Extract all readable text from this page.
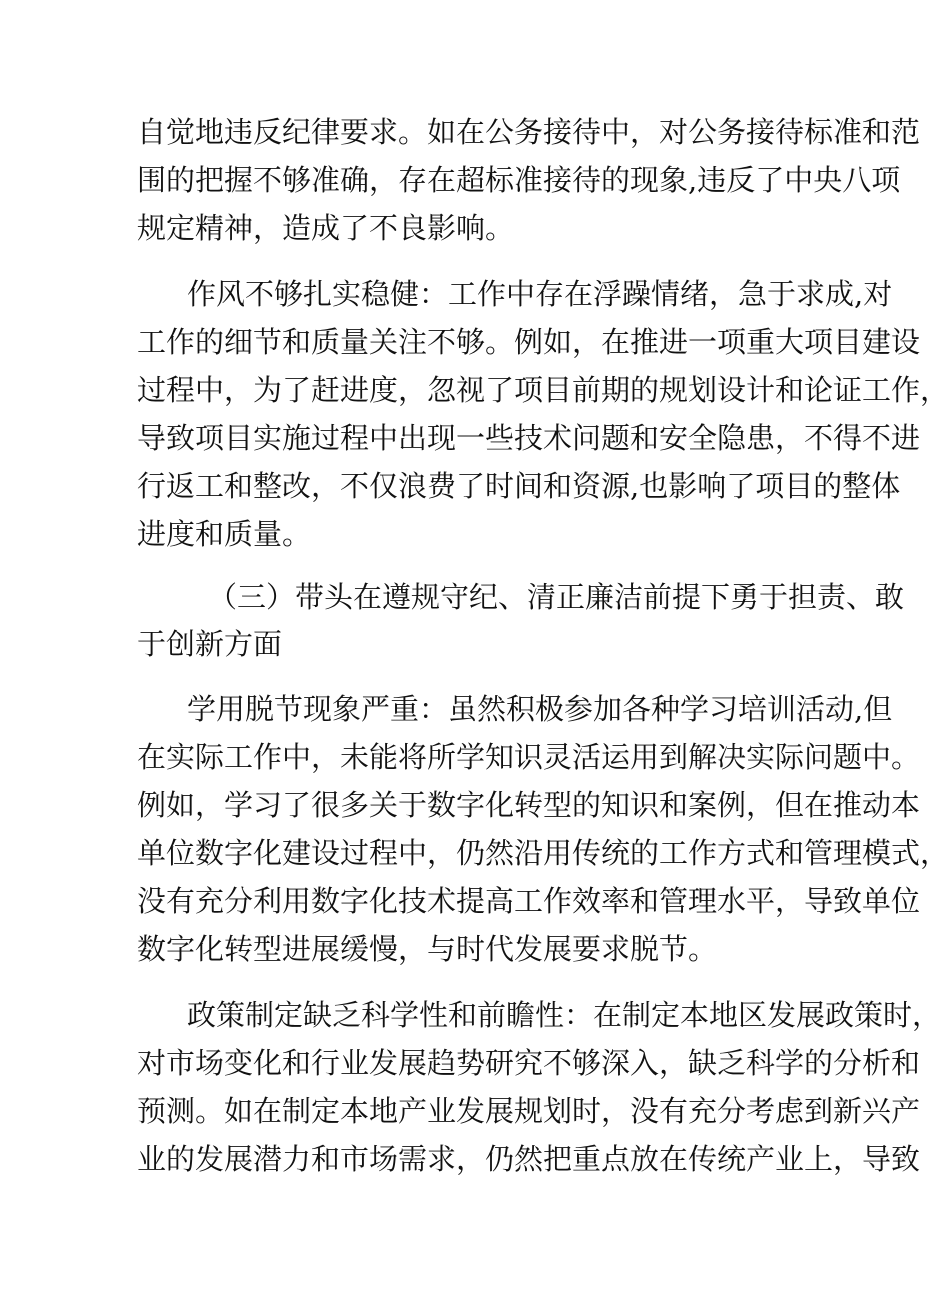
自觉地违反纪律要求。如在公务接待中，对公务接待标准和范
围的把握不够准确，存在超标准接待的现象,违反了中央八项
规定精神，造成了不良影响。
作风不够扎实稳健：工作中存在浮躁情绪，急于求成,对
工作的细节和质量关注不够。例如，在推进一项重大项目建设
过程中，为了赶进度，忽视了项目前期的规划设计和论证工作，
导致项目实施过程中出现一些技术问题和安全隐患，不得不进
行返工和整改，不仅浪费了时间和资源,也影响了项目的整体
进度和质量。
（三）带头在遵规守纪、清正廉洁前提下勇于担责、敢
于创新方面
学用脱节现象严重：虽然积极参加各种学习培训活动,但
在实际工作中，未能将所学知识灵活运用到解决实际问题中。
例如，学习了很多关于数字化转型的知识和案例，但在推动本
单位数字化建设过程中，仍然沿用传统的工作方式和管理模式，
没有充分利用数字化技术提高工作效率和管理水平，导致单位
数字化转型进展缓慢，与时代发展要求脱节。
政策制定缺乏科学性和前瞻性：在制定本地区发展政策时，
对市场变化和行业发展趋势研究不够深入，缺乏科学的分析和
预测。如在制定本地产业发展规划时，没有充分考虑到新兴产
业的发展潜力和市场需求，仍然把重点放在传统产业上，导致
